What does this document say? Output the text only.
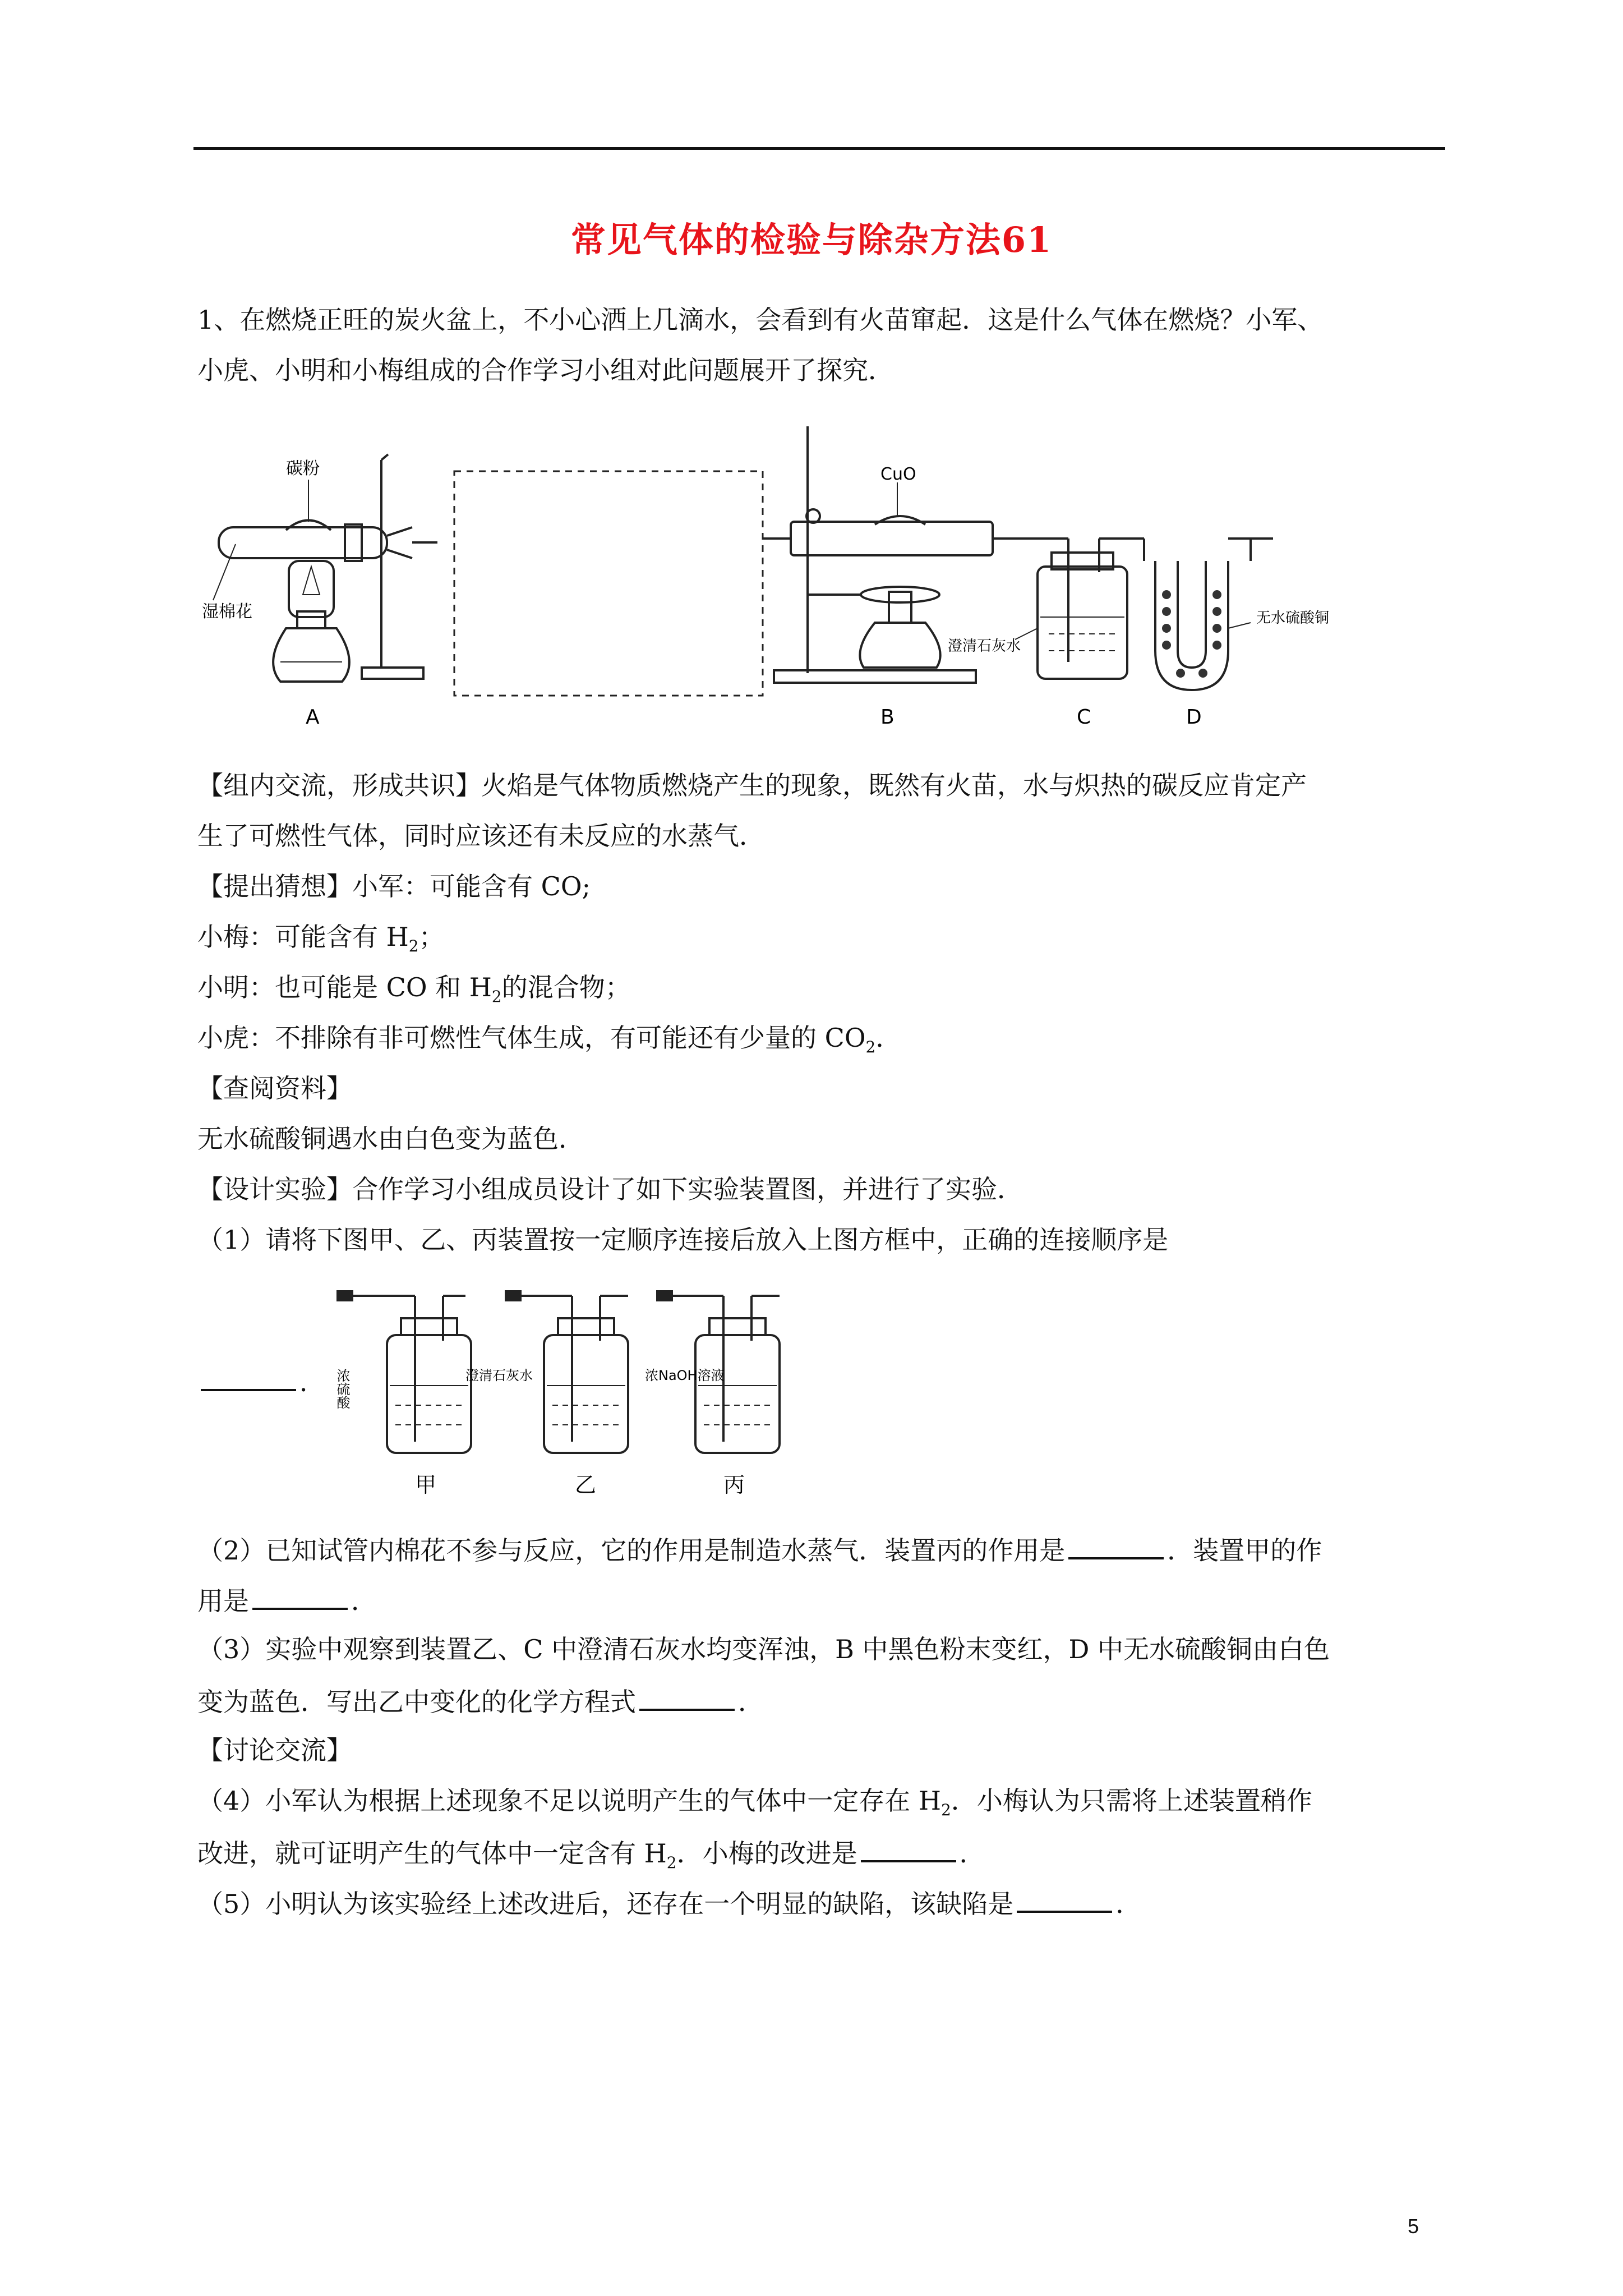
常见气体的检验与除杂方法61
1、在燃烧正旺的炭火盆上，不小心洒上几滴水，会看到有火苗窜起．这是什么气体在燃烧？小军、
小虎、小明和小梅组成的合作学习小组对此问题展开了探究．
碳粉
湿棉花
CuO
澄清石灰水
无水硫酸铜
A	B	C	D
【组内交流，形成共识】火焰是气体物质燃烧产生的现象，既然有火苗，水与炽热的碳反应肯定产
生了可燃性气体，同时应该还有未反应的水蒸气．
【提出猜想】小军：可能含有 CO;
小梅：可能含有 $H_2$；
小明：也可能是 CO 和 $H_2$的混合物；
小虎：不排除有非可燃性气体生成，有可能还有少量的 $CO_2$．
【查阅资料】
无水硫酸铜遇水由白色变为蓝色．
【设计实验】合作学习小组成员设计了如下实验装置图，并进行了实验．
（1）请将下图甲、乙、丙装置按一定顺序连接后放入上图方框中，正确的连接顺序是
． 浓硫酸	澄清石灰水	浓NaOH溶液
甲	乙	丙
（2）已知试管内棉花不参与反应，它的作用是制造水蒸气．装置丙的作用是	．装置甲的作
用是	．
（3）实验中观察到装置乙、C 中澄清石灰水均变浑浊，B 中黑色粉末变红，D 中无水硫酸铜由白色
变为蓝色．写出乙中变化的化学方程式	．
【讨论交流】
（4）小军认为根据上述现象不足以说明产生的气体中一定存在 $H_2$．小梅认为只需将上述装置稍作
改进，就可证明产生的气体中一定含有 $H_2$．小梅的改进是	．
（5）小明认为该实验经上述改进后，还存在一个明显的缺陷，该缺陷是	．
5
